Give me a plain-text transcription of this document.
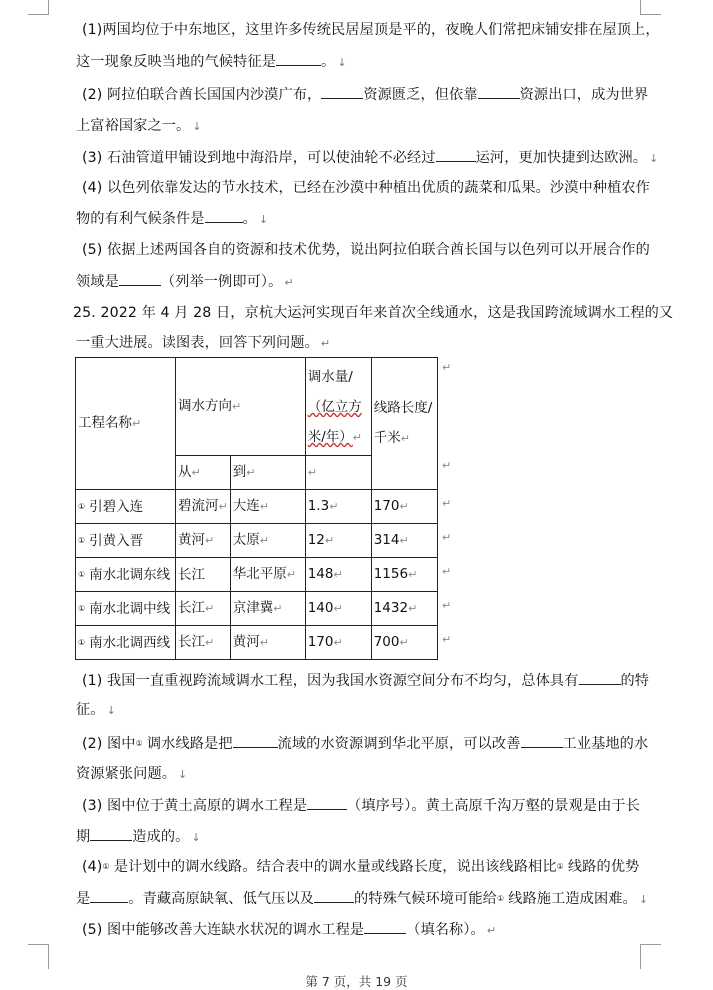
(1)两国均位于中东地区，这里许多传统民居屋顶是平的，夜晚人们常把床铺安排在屋顶上，
这一现象反映当地的气候特征是	。 ↓
(2) 阿拉伯联合酋长国国内沙漠广布，	资源匮乏，但依靠	资源出口，成为世界
上富裕国家之一。 ↓
(3) 石油管道甲铺设到地中海沿岸，可以使油轮不必经过	运河，更加快捷到达欧洲。 ↓
(4) 以色列依靠发达的节水技术，已经在沙漠中种植出优质的蔬菜和瓜果。沙漠中种植农作
物的有利气候条件是	。 ↓
(5) 依据上述两国各自的资源和技术优势，说出阿拉伯联合酋长国与以色列可以开展合作的
领域是	（列举一例即可）。 ↵
25. 2022 年 4 月 28 日，京杭大运河实现百年来首次全线通水，这是我国跨流域调水工程的又
一重大进展。读图表，回答下列问题。 ↵
工程名称↵	调水方向↵		调水量/
（亿立方
米/年）↵	线路长度/
千米↵
	从↵	到↵	↵	
① 引碧入连	碧流河↵	大连↵	1.3↵	170↵
① 引黄入晋	黄河↵	太原↵	12↵	314↵
① 南水北调东线	长江	华北平原↵	148↵	1156↵
① 南水北调中线	长江↵	京津冀↵	140↵	1432↵
① 南水北调西线	长江↵	黄河↵	170↵	700↵
↵
↵
↵
↵
↵
↵
↵
(1) 我国一直重视跨流域调水工程，因为我国水资源空间分布不均匀，总体具有	的特
征。 ↓
(2) 图中① 调水线路是把	流域的水资源调到华北平原，可以改善	工业基地的水
资源紧张问题。 ↓
(3) 图中位于黄土高原的调水工程是	（填序号）。黄土高原千沟万壑的景观是由于长
期	造成的。 ↓
(4)① 是计划中的调水线路。结合表中的调水量或线路长度，说出该线路相比① 线路的优势
是	。青藏高原缺氧、低气压以及	的特殊气候环境可能给① 线路施工造成困难。 ↓
(5) 图中能够改善大连缺水状况的调水工程是	（填名称）。 ↵
第 7 页，共 19 页
